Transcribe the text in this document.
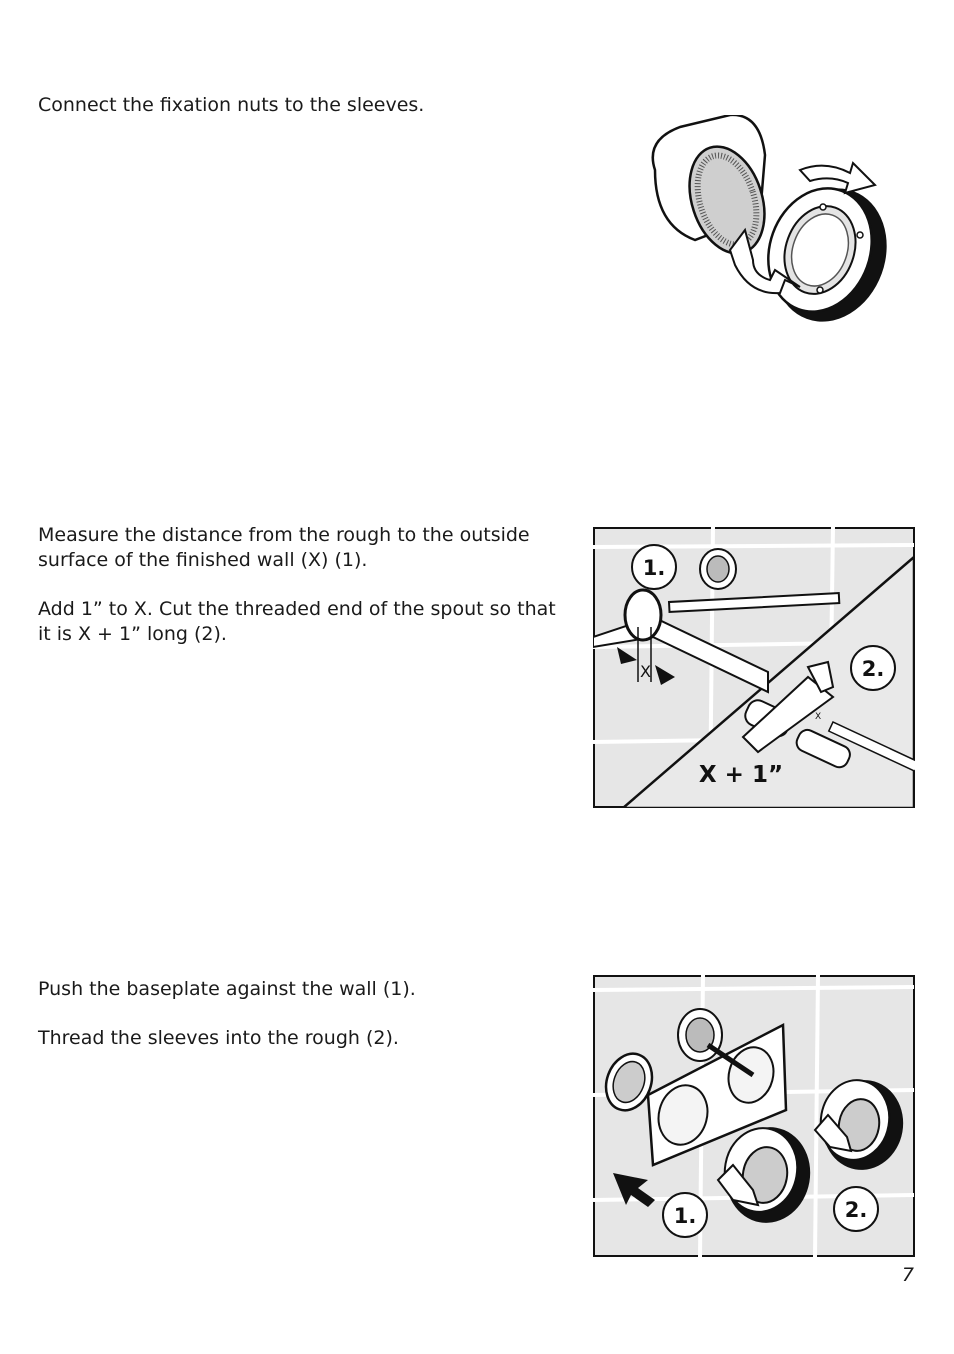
Connect the fixation nuts to the sleeves.

Measure the distance from the rough to the outside
surface of the finished wall (X) (1).

Add 1” to X. Cut the threaded end of the spout so that
it is X + 1” long (2).

X
X
1.
2.
X + 1”

Push the baseplate against the wall (1).

Thread the sleeves into the rough (2).

1.	2.
7
